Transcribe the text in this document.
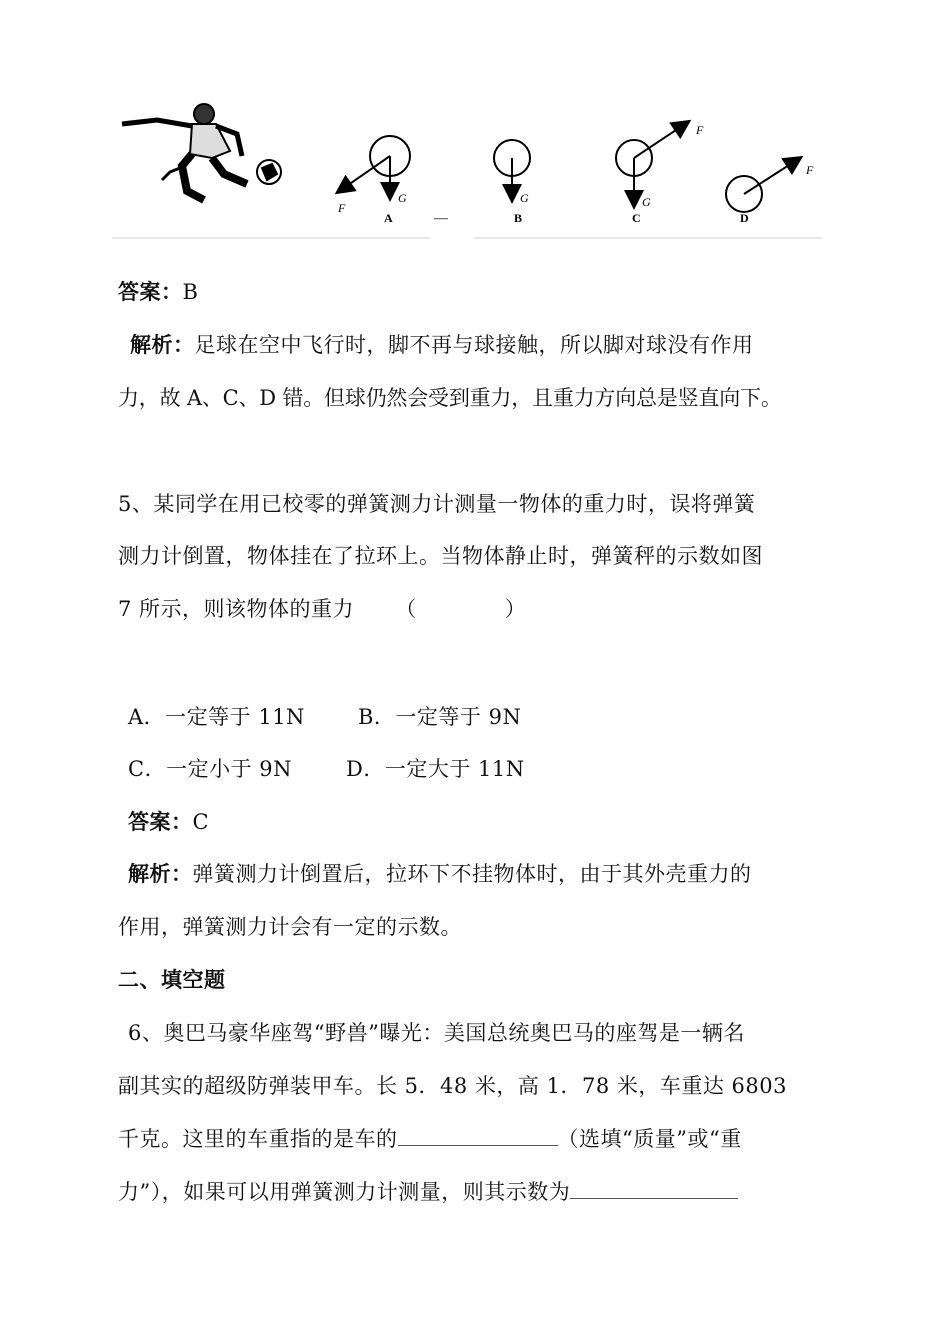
F
G
A	—
G
B
F
G
C
F
D
答案：B
解析：足球在空中飞行时，脚不再与球接触，所以脚对球没有作用
力，故 A、C、D 错。但球仍然会受到重力，且重力方向总是竖直向下。
5、某同学在用已校零的弹簧测力计测量一物体的重力时，误将弹簧
测力计倒置，物体挂在了拉环上。当物体静止时，弹簧秤的示数如图
7 所示，则该物体的重力 （	）
A．一定等于 11N	B．一定等于 9N
C．一定小于 9N	D．一定大于 11N
答案：C
解析：弹簧测力计倒置后，拉环下不挂物体时，由于其外壳重力的
作用，弹簧测力计会有一定的示数。
二、填空题
6、奥巴马豪华座驾“野兽”曝光：美国总统奥巴马的座驾是一辆名
副其实的超级防弹装甲车。长 5．48 米，高 1．78 米，车重达 6803
千克。这里的车重指的是车的	（选填“质量”或“重
力”），如果可以用弹簧测力计测量，则其示数为
